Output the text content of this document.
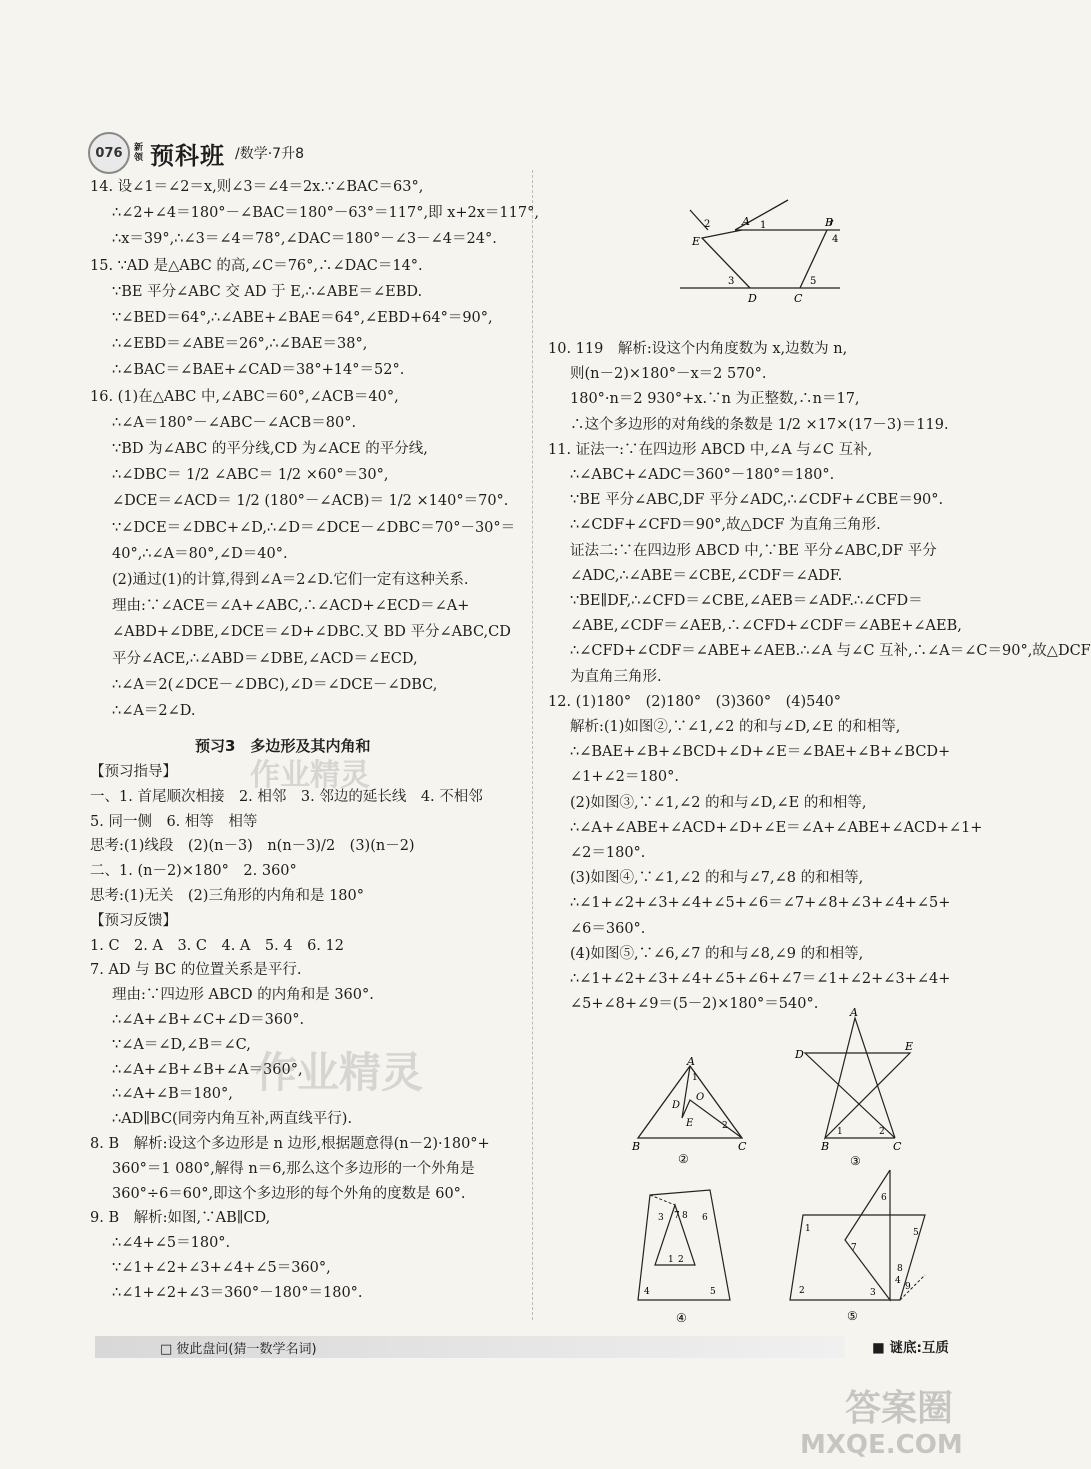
076	新领 预科班 /数学·7升8
14. 设∠1＝∠2＝x,则∠3＝∠4＝2x.∵∠BAC＝63°,
∴∠2+∠4＝180°－∠BAC＝180°－63°＝117°,即 x+2x＝117°,
∴x＝39°,∴∠3＝∠4＝78°,∠DAC＝180°－∠3－∠4＝24°.
15. ∵AD 是△ABC 的高,∠C＝76°,∴∠DAC＝14°.
∵BE 平分∠ABC 交 AD 于 E,∴∠ABE＝∠EBD.
∵∠BED＝64°,∴∠ABE+∠BAE＝64°,∠EBD+64°＝90°,
∴∠EBD＝∠ABE＝26°,∴∠BAE＝38°,
∴∠BAC＝∠BAE+∠CAD＝38°+14°＝52°.
16. (1)在△ABC 中,∠ABC＝60°,∠ACB＝40°,
∴∠A＝180°－∠ABC－∠ACB＝80°.
∵BD 为∠ABC 的平分线,CD 为∠ACE 的平分线,
∴∠DBC＝ 1/2 ∠ABC＝ 1/2 ×60°＝30°,
∠DCE＝∠ACD＝ 1/2 (180°－∠ACB)＝ 1/2 ×140°＝70°.
∵∠DCE＝∠DBC+∠D,∴∠D＝∠DCE－∠DBC＝70°－30°＝
40°,∴∠A＝80°,∠D＝40°.
(2)通过(1)的计算,得到∠A＝2∠D.它们一定有这种关系.
理由:∵∠ACE＝∠A+∠ABC,∴∠ACD+∠ECD＝∠A+
∠ABD+∠DBE,∠DCE＝∠D+∠DBC.又 BD 平分∠ABC,CD
平分∠ACE,∴∠ABD＝∠DBE,∠ACD＝∠ECD,
∴∠A＝2(∠DCE－∠DBC),∠D＝∠DCE－∠DBC,
∴∠A＝2∠D.
预习3　多边形及其内角和
【预习指导】
一、1. 首尾顺次相接　2. 相邻　3. 邻边的延长线　4. 不相邻
5. 同一侧　6. 相等　相等
思考:(1)线段　(2)(n－3)　n(n－3)/2　(3)(n－2)
二、1. (n－2)×180°　2. 360°
思考:(1)无关　(2)三角形的内角和是 180°
【预习反馈】
1. C　2. A　3. C　4. A　5. 4　6. 12
7. AD 与 BC 的位置关系是平行.
理由:∵四边形 ABCD 的内角和是 360°.
∴∠A+∠B+∠C+∠D＝360°.
∵∠A＝∠D,∠B＝∠C,
∴∠A+∠B+∠B+∠A＝360°,
∴∠A+∠B＝180°,
∴AD∥BC(同旁内角互补,两直线平行).
8. B　解析:设这个多边形是 n 边形,根据题意得(n－2)·180°+
360°＝1 080°,解得 n＝6,那么这个多边形的一个外角是
360°÷6＝60°,即这个多边形的每个外角的度数是 60°.
9. B　解析:如图,∵AB∥CD,
∴∠4+∠5＝180°.
∵∠1+∠2+∠3+∠4+∠5＝360°,
∴∠1+∠2+∠3＝360°－180°＝180°.
10. 119　解析:设这个内角度数为 x,边数为 n,
则(n－2)×180°－x＝2 570°.
180°·n＝2 930°+x.∵n 为正整数,∴n＝17,
∴这个多边形的对角线的条数是 1/2 ×17×(17－3)＝119.
11. 证法一:∵在四边形 ABCD 中,∠A 与∠C 互补,
∴∠ABC+∠ADC＝360°－180°＝180°.
∵BE 平分∠ABC,DF 平分∠ADC,∴∠CDF+∠CBE＝90°.
∴∠CDF+∠CFD＝90°,故△DCF 为直角三角形.
证法二:∵在四边形 ABCD 中,∵BE 平分∠ABC,DF 平分
∠ADC,∴∠ABE＝∠CBE,∠CDF＝∠ADF.
∵BE∥DF,∴∠CFD＝∠CBE,∠AEB＝∠ADF.∴∠CFD＝
∠ABE,∠CDF＝∠AEB,∴∠CFD+∠CDF＝∠ABE+∠AEB,
∴∠CFD+∠CDF＝∠ABE+∠AEB.∴∠A 与∠C 互补,∴∠A＝∠C＝90°,故△DCF
为直角三角形.
12. (1)180°　(2)180°　(3)360°　(4)540°
解析:(1)如图②,∵∠1,∠2 的和与∠D,∠E 的和相等,
∴∠BAE+∠B+∠BCD+∠D+∠E＝∠BAE+∠B+∠BCD+
∠1+∠2＝180°.
(2)如图③,∵∠1,∠2 的和与∠D,∠E 的和相等,
∴∠A+∠ABE+∠ACD+∠D+∠E＝∠A+∠ABE+∠ACD+∠1+
∠2＝180°.
(3)如图④,∵∠1,∠2 的和与∠7,∠8 的和相等,
∴∠1+∠2+∠3+∠4+∠5+∠6＝∠7+∠8+∠3+∠4+∠5+
∠6＝360°.
(4)如图⑤,∵∠6,∠7 的和与∠8,∠9 的和相等,
∴∠1+∠2+∠3+∠4+∠5+∠6+∠7＝∠1+∠2+∠3+∠4+
∠5+∠8+∠9＝(5－2)×180°＝540°.
A	B
E
D	C
1
2
3
4
5
A
B	C
D
E
O
1
2
②
A
D
E
B	C
1	2
③
3 7 8 6
1 2
4	5
④
1
2	3
4
5
6
7
8
9
⑤
作业精灵
作业精灵
答案圈
MXQE.COM
□ 彼此盘问(猜一数学名词)	■ 谜底:互质
